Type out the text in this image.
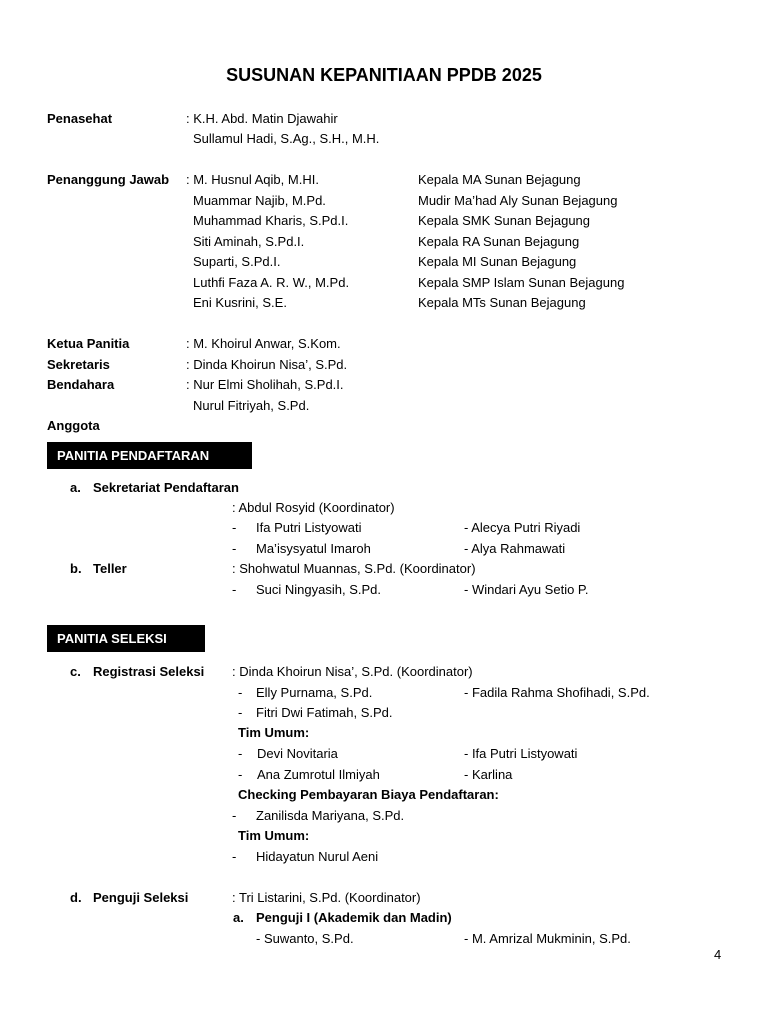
SUSUNAN KEPANITIAAN PPDB 2025
Penasehat	: K.H. Abd. Matin Djawahir
Sullamul Hadi, S.Ag., S.H., M.H.
Penanggung Jawab : M. Husnul Aqib, M.HI.	Kepala MA Sunan Bejagung
Muammar Najib, M.Pd.	Mudir Ma’had Aly Sunan Bejagung
Muhammad Kharis, S.Pd.I.	Kepala SMK Sunan Bejagung
Siti Aminah, S.Pd.I.	Kepala RA Sunan Bejagung
Suparti, S.Pd.I.	Kepala MI Sunan Bejagung
Luthfi Faza A. R. W., M.Pd.	Kepala SMP Islam Sunan Bejagung
Eni Kusrini, S.E.	Kepala MTs Sunan Bejagung
Ketua Panitia	: M. Khoirul Anwar, S.Kom.
Sekretaris	: Dinda Khoirun Nisa’, S.Pd.
Bendahara	: Nur Elmi Sholihah, S.Pd.I.
Nurul Fitriyah, S.Pd.
Anggota
PANITIA PENDAFTARAN
a. Sekretariat Pendaftaran
: Abdul Rosyid (Koordinator)
- Ifa Putri Listyowati	- Alecya Putri Riyadi
- Ma’isysyatul Imaroh	- Alya Rahmawati
b. Teller	: Shohwatul Muannas, S.Pd. (Koordinator)
- Suci Ningyasih, S.Pd.	- Windari Ayu Setio P.
PANITIA SELEKSI
c. Registrasi Seleksi : Dinda Khoirun Nisa’, S.Pd. (Koordinator)
- Elly Purnama, S.Pd.	- Fadila Rahma Shofihadi, S.Pd.
- Fitri Dwi Fatimah, S.Pd.
Tim Umum:
- Devi Novitaria	- Ifa Putri Listyowati
- Ana Zumrotul Ilmiyah	- Karlina
Checking Pembayaran Biaya Pendaftaran:
- Zanilisda Mariyana, S.Pd.
Tim Umum:
- Hidayatun Nurul Aeni
d. Penguji Seleksi	: Tri Listarini, S.Pd. (Koordinator)
a. Penguji I (Akademik dan Madin)
- Suwanto, S.Pd.	- M. Amrizal Mukminin, S.Pd.
4
